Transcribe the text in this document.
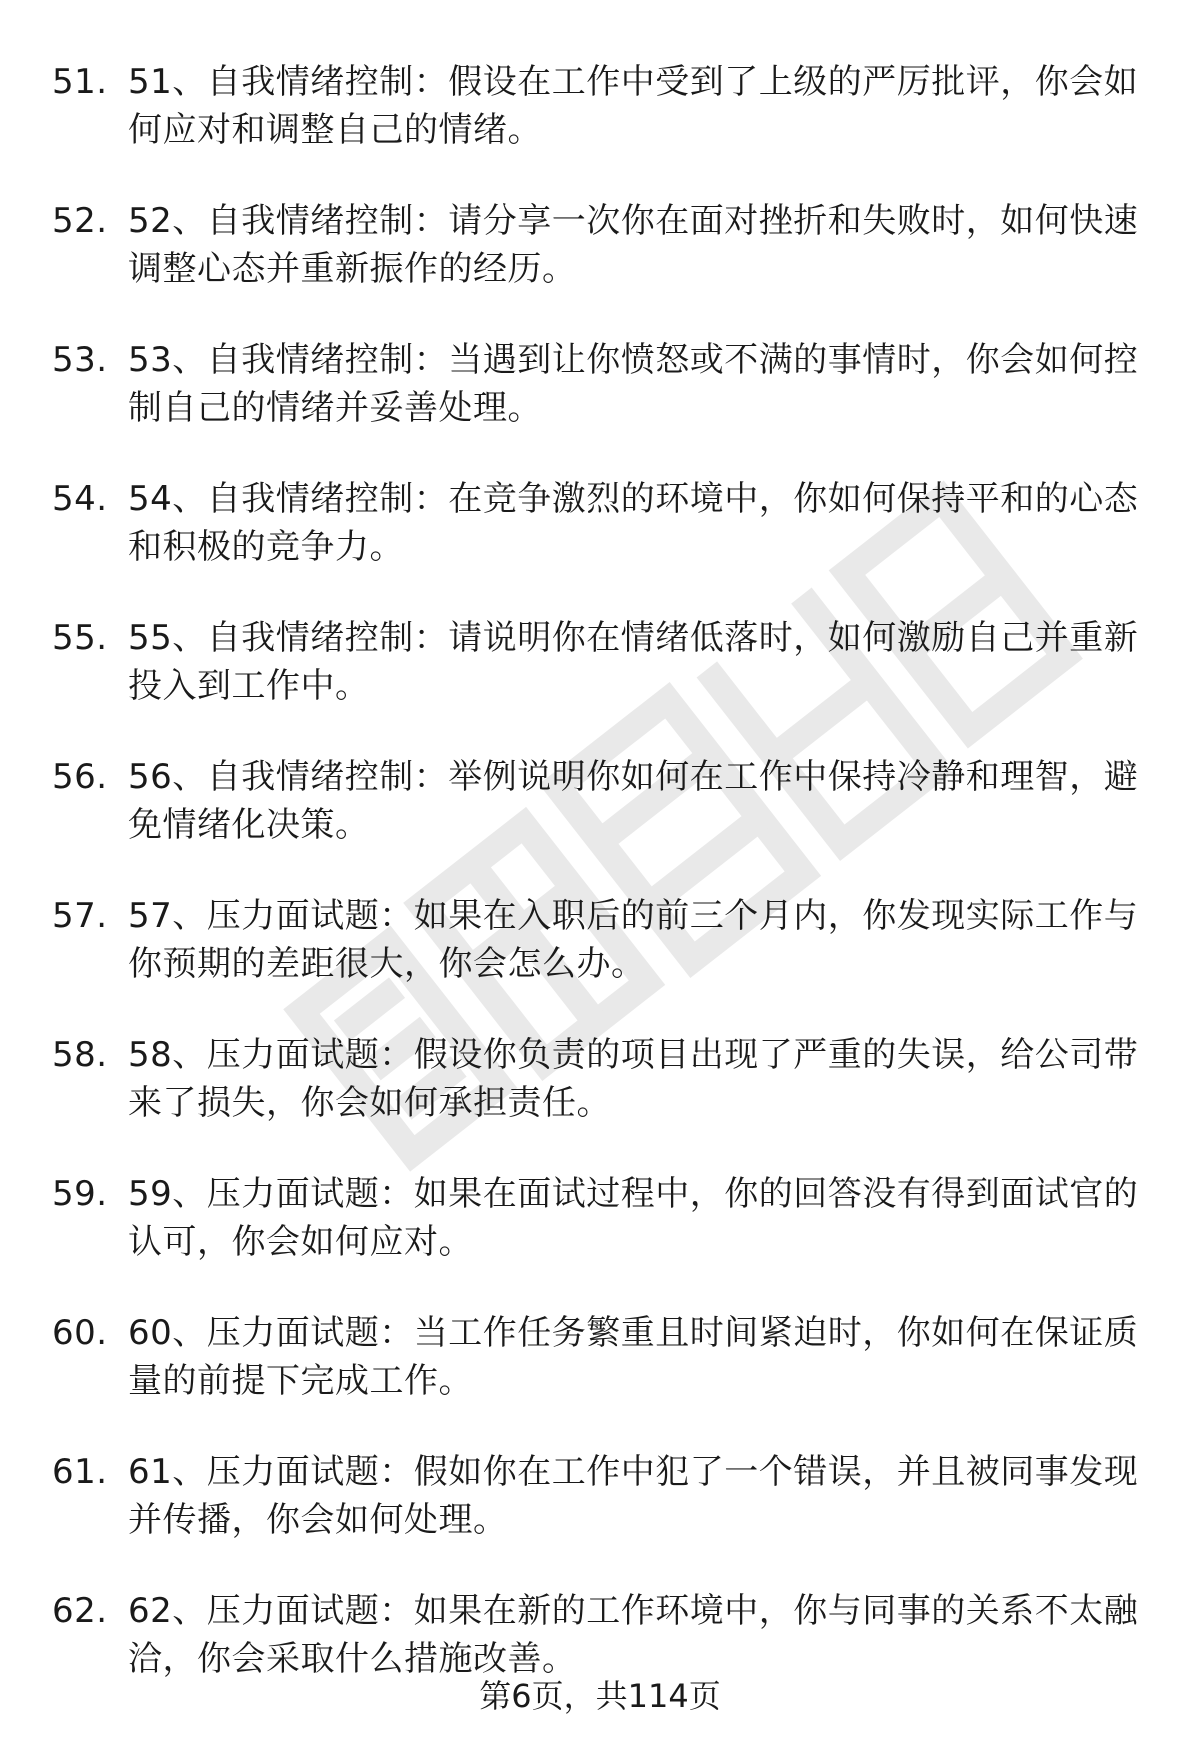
51. 51、自我情绪控制：假设在工作中受到了上级的严厉批评，你会如何应对和调整自己的情绪。
52. 52、自我情绪控制：请分享一次你在面对挫折和失败时，如何快速调整心态并重新振作的经历。
53. 53、自我情绪控制：当遇到让你愤怒或不满的事情时，你会如何控制自己的情绪并妥善处理。
54. 54、自我情绪控制：在竞争激烈的环境中，你如何保持平和的心态和积极的竞争力。
55. 55、自我情绪控制：请说明你在情绪低落时，如何激励自己并重新投入到工作中。
56. 56、自我情绪控制：举例说明你如何在工作中保持冷静和理智，避免情绪化决策。
57. 57、压力面试题：如果在入职后的前三个月内，你发现实际工作与你预期的差距很大，你会怎么办。
58. 58、压力面试题：假设你负责的项目出现了严重的失误，给公司带来了损失，你会如何承担责任。
59. 59、压力面试题：如果在面试过程中，你的回答没有得到面试官的认可，你会如何应对。
60. 60、压力面试题：当工作任务繁重且时间紧迫时，你如何在保证质量的前提下完成工作。
61. 61、压力面试题：假如你在工作中犯了一个错误，并且被同事发现并传播，你会如何处理。
62. 62、压力面试题：如果在新的工作环境中，你与同事的关系不太融洽，你会采取什么措施改善。
第6页，共114页
